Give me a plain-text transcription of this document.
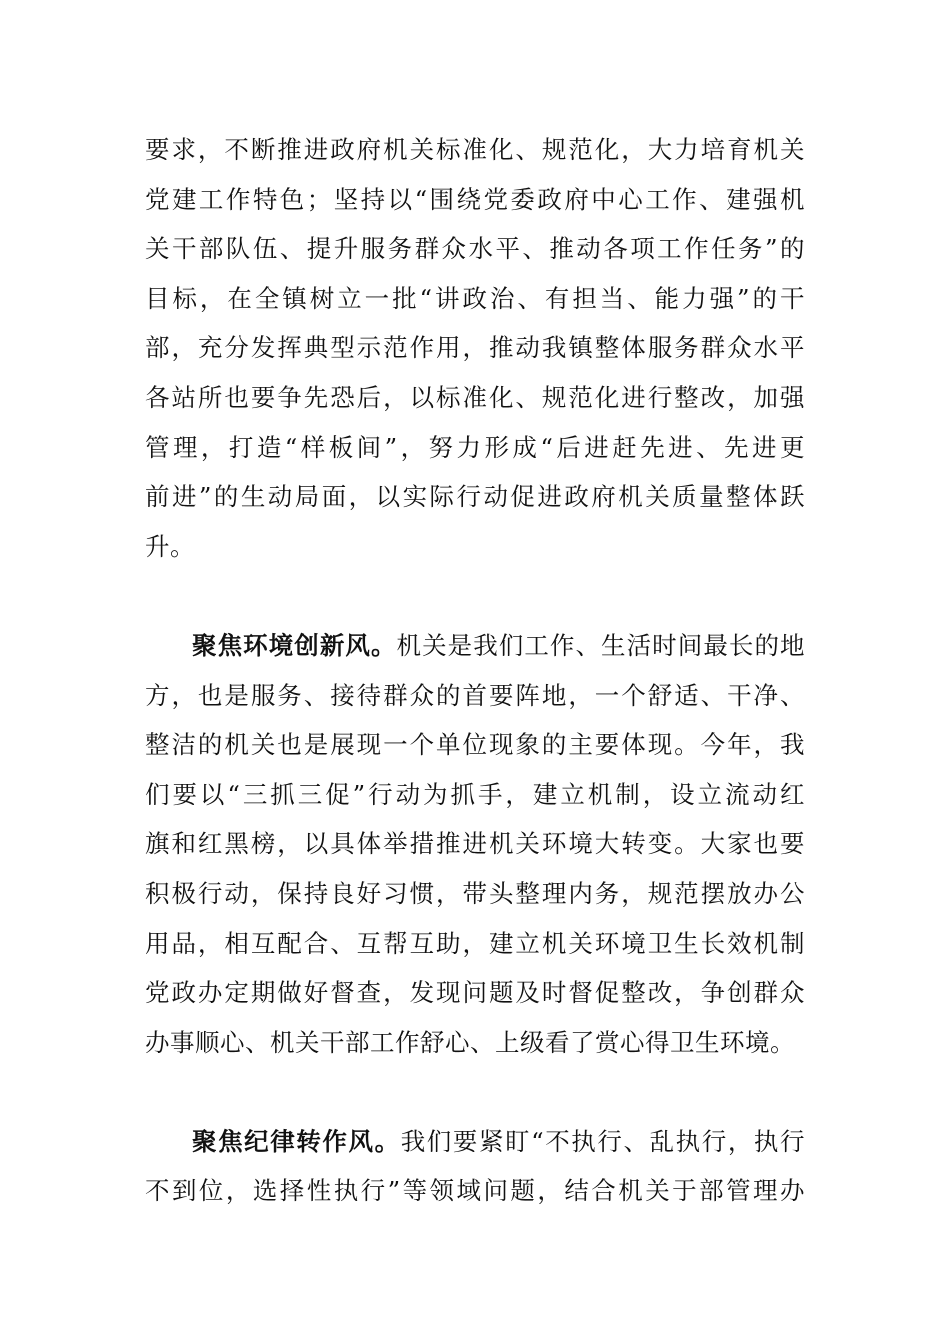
要求，不断推进政府机关标准化、规范化，大力培育机关
党建工作特色；坚持以“围绕党委政府中心工作、建强机
关干部队伍、提升服务群众水平、推动各项工作任务”的
目标，在全镇树立一批“讲政治、有担当、能力强”的干
部，充分发挥典型示范作用，推动我镇整体服务群众水平
各站所也要争先恐后，以标准化、规范化进行整改，加强
管理，打造“样板间”，努力形成“后进赶先进、先进更
前进”的生动局面，以实际行动促进政府机关质量整体跃
升。
聚焦环境创新风。机关是我们工作、生活时间最长的地
方，也是服务、接待群众的首要阵地，一个舒适、干净、
整洁的机关也是展现一个单位现象的主要体现。今年，我
们要以“三抓三促”行动为抓手，建立机制，设立流动红
旗和红黑榜，以具体举措推进机关环境大转变。大家也要
积极行动，保持良好习惯，带头整理内务，规范摆放办公
用品，相互配合、互帮互助，建立机关环境卫生长效机制
党政办定期做好督查，发现问题及时督促整改，争创群众
办事顺心、机关干部工作舒心、上级看了赏心得卫生环境。
聚焦纪律转作风。我们要紧盯“不执行、乱执行，执行
不到位，选择性执行”等领域问题，结合机关于部管理办
